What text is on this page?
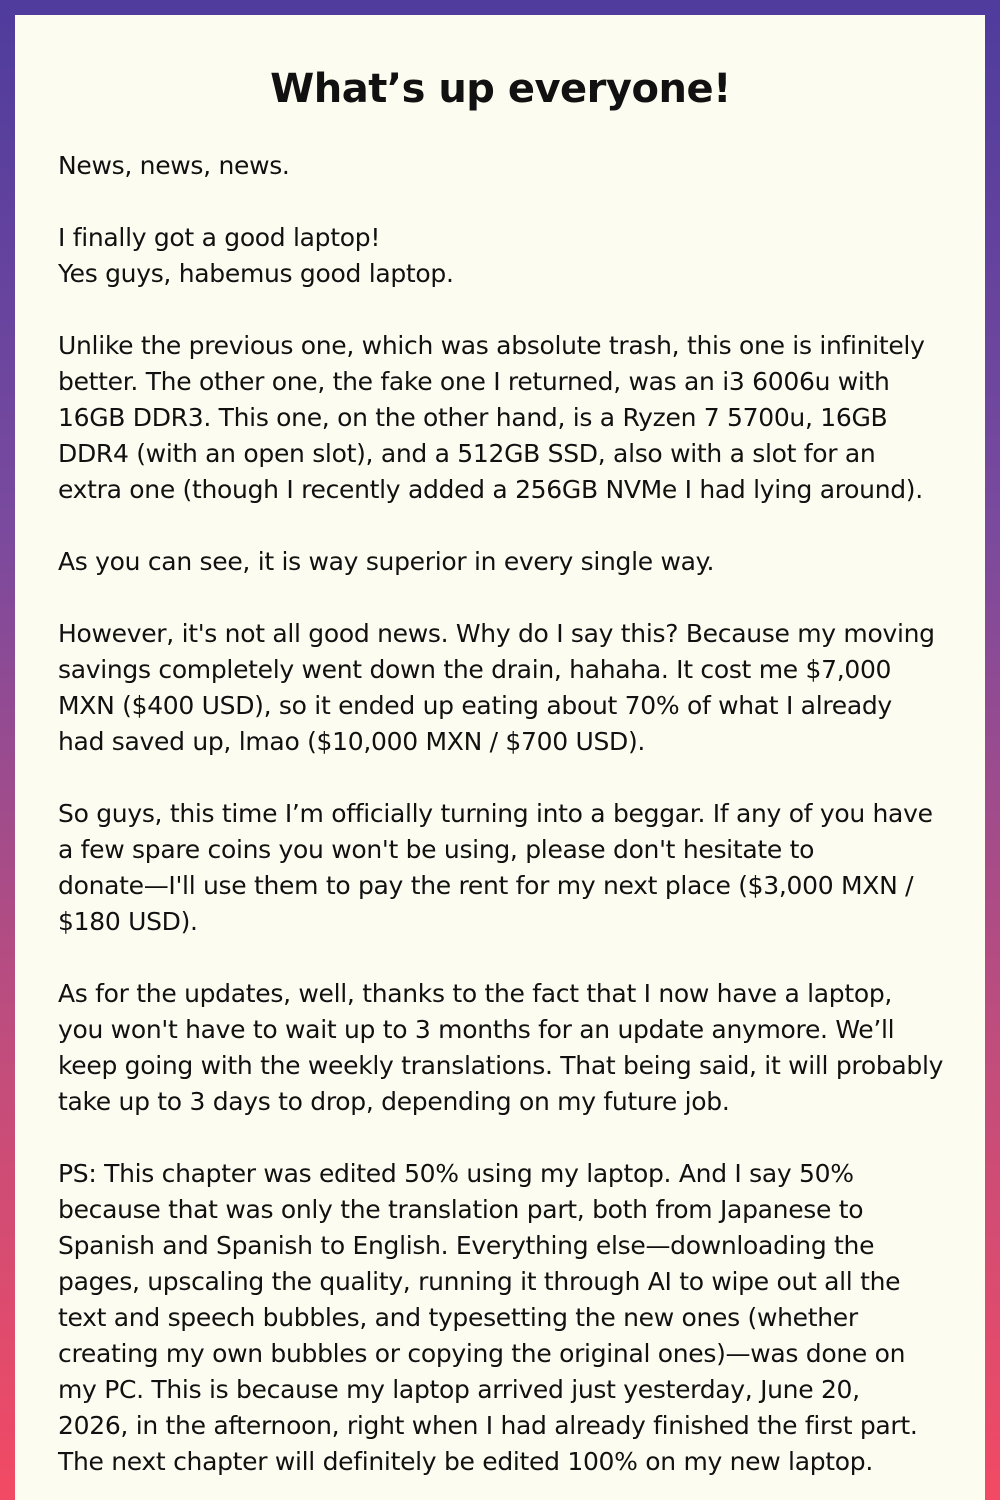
What’s up everyone!

News, news, news.

I finally got a good laptop!
Yes guys, habemus good laptop.

Unlike the previous one, which was absolute trash, this one is infinitely
better. The other one, the fake one I returned, was an i3 6006u with
16GB DDR3. This one, on the other hand, is a Ryzen 7 5700u, 16GB
DDR4 (with an open slot), and a 512GB SSD, also with a slot for an
extra one (though I recently added a 256GB NVMe I had lying around).

As you can see, it is way superior in every single way.

However, it's not all good news. Why do I say this? Because my moving
savings completely went down the drain, hahaha. It cost me $7,000
MXN ($400 USD), so it ended up eating about 70% of what I already
had saved up, lmao ($10,000 MXN / $700 USD).

So guys, this time I’m officially turning into a beggar. If any of you have
a few spare coins you won't be using, please don't hesitate to
donate—I'll use them to pay the rent for my next place ($3,000 MXN /
$180 USD).

As for the updates, well, thanks to the fact that I now have a laptop,
you won't have to wait up to 3 months for an update anymore. We’ll
keep going with the weekly translations. That being said, it will probably
take up to 3 days to drop, depending on my future job.

PS: This chapter was edited 50% using my laptop. And I say 50%
because that was only the translation part, both from Japanese to
Spanish and Spanish to English. Everything else—downloading the
pages, upscaling the quality, running it through AI to wipe out all the
text and speech bubbles, and typesetting the new ones (whether
creating my own bubbles or copying the original ones)—was done on
my PC. This is because my laptop arrived just yesterday, June 20,
2026, in the afternoon, right when I had already finished the first part.
The next chapter will definitely be edited 100% on my new laptop.
